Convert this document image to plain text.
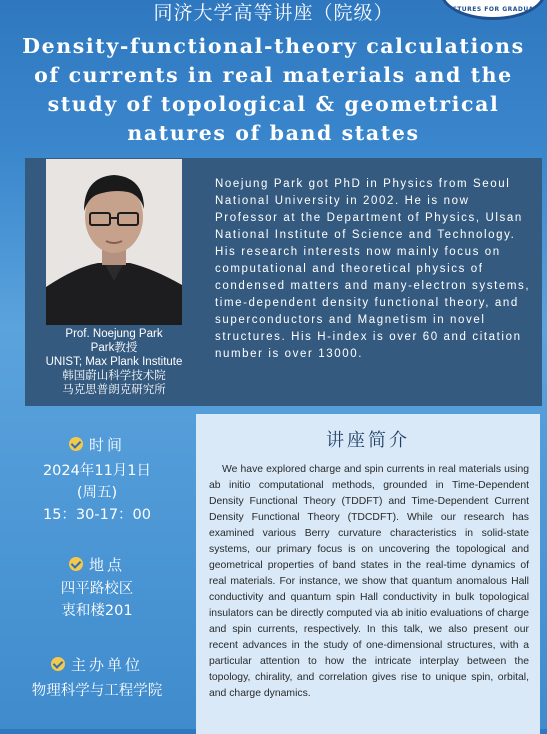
CTURES FOR GRADUA
同济大学高等讲座（院级）
Density-functional-theory calculations of currents in real materials and the study of topological & geometrical natures of band states
Prof. Noejung Park
Park教授
UNIST; Max Plank Institute
韩国蔚山科学技术院
马克思普朗克研究所

Noejung Park got PhD in Physics from Seoul National University in 2002. He is now Professor at the Department of Physics, Ulsan National Institute of Science and Technology. His research interests now mainly focus on computational and theoretical physics of condensed matters and many-electron systems, time-dependent density functional theory, and superconductors and Magnetism in novel structures. His H-index is over 60 and citation number is over 13000.

时间
2024年11月1日
(周五)
15：30-17：00
地点
四平路校区
衷和楼201
主办单位
物理科学与工程学院
讲座简介

We have explored charge and spin currents in real materials using ab initio computational methods, grounded in Time-Dependent Density Functional Theory (TDDFT) and Time-Dependent Current Density Functional Theory (TDCDFT). While our research has examined various Berry curvature characteristics in solid-state systems, our primary focus is on uncovering the topological and geometrical properties of band states in the real-time dynamics of real materials. For instance, we show that quantum anomalous Hall conductivity and quantum spin Hall conductivity in bulk topological insulators can be directly computed via ab initio evaluations of charge and spin currents, respectively. In this talk, we also present our recent advances in the study of one-dimensional structures, with a particular attention to how the intricate interplay between the topology, chirality, and correlation gives rise to unique spin, orbital, and charge dynamics.
